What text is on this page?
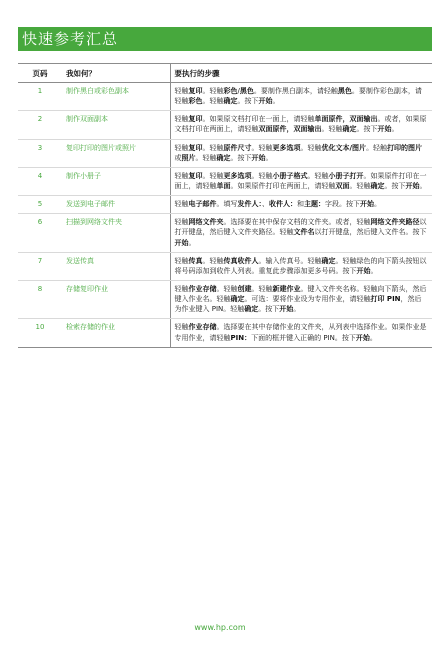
快速参考汇总
页码	我如何？	要执行的步骤
1	制作黑白或彩色副本	轻触复印。轻触彩色/黑色。要制作黑白副本，请轻触黑色。要制作彩色副本，请轻触彩色。轻触确定。按下开始。
2	制作双面副本	轻触复印。如果原文档打印在一面上，请轻触单面原件，双面输出。或者，如果原文档打印在两面上，请轻触双面原件，双面输出。轻触确定。按下开始。
3	复印打印的图片或照片	轻触复印。轻触原件尺寸。轻触更多选项。轻触优化文本/图片。轻触打印的图片或照片。轻触确定。按下开始。
4	制作小册子	轻触复印。轻触更多选项。轻触小册子格式。轻触小册子打开。如果原件打印在一面上，请轻触单面。如果原件打印在两面上，请轻触双面。轻触确定。按下开始。
5	发送到电子邮件	轻触电子邮件。填写发件人：、收件人：和主题：字段。按下开始。
6	扫描到网络文件夹	轻触网络文件夹。选择要在其中保存文档的文件夹。或者，轻触网络文件夹路径以打开键盘，然后键入文件夹路径。轻触文件名以打开键盘，然后键入文件名。按下开始。
7	发送传真	轻触传真。轻触传真收件人。输入传真号。轻触确定。轻触绿色的向下箭头按钮以将号码添加到收件人列表。重复此步骤添加更多号码。按下开始。
8	存储复印作业	轻触作业存储。轻触创建。轻触新建作业。键入文件夹名称。轻触向下箭头，然后键入作业名。轻触确定。可选：要将作业设为专用作业，请轻触打印 PIN，然后为作业键入 PIN。轻触确定。按下开始。
10	检索存储的作业	轻触作业存储。选择要在其中存储作业的文件夹，从列表中选择作业。如果作业是专用作业，请轻触PIN：下面的框并键入正确的 PIN。按下开始。
www.hp.com
